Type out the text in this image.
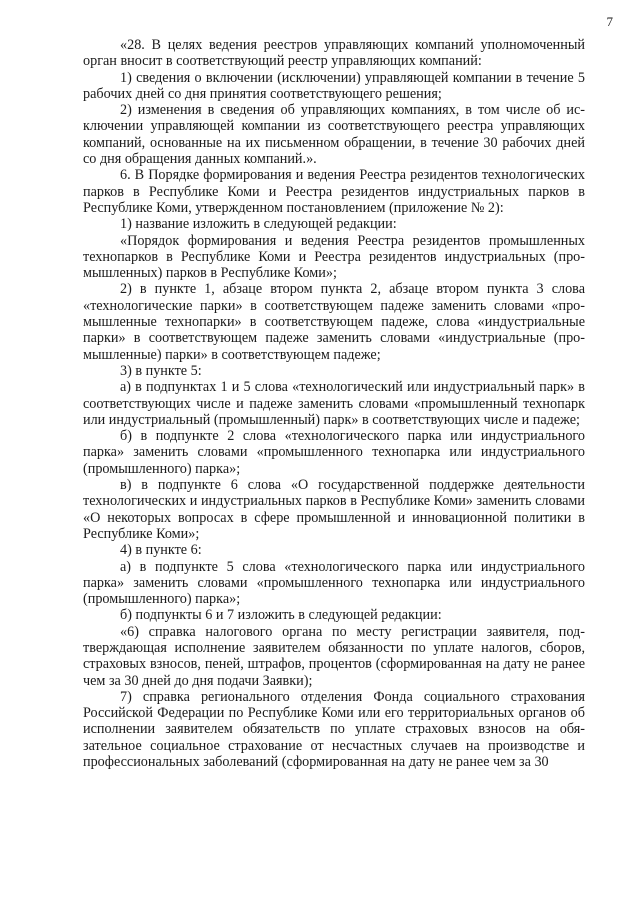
7

«28. В целях ведения реестров управляющих компаний уполномоченный орган вносит в соответствующий реестр управляющих компаний:

1) сведения о включении (исключении) управляющей компании в течение 5 рабочих дней со дня принятия соответствующего решения;

2) изменения в сведения об управляющих компаниях, в том числе об исключении управляющей компании из соответствующего реестра управляющих компаний, основанные на их письменном обращении, в течение 30 рабочих дней со дня обращения данных компаний.».

6. В Порядке формирования и ведения Реестра резидентов технологических парков в Республике Коми и Реестра резидентов индустриальных парков в Республике Коми, утвержденном постановлением (приложение № 2):

1) название изложить в следующей редакции:

«Порядок формирования и ведения Реестра резидентов промышленных технопарков в Республике Коми и Реестра резидентов индустриальных (промышленных) парков в Республике Коми»;

2) в пункте 1, абзаце втором пункта 2, абзаце втором пункта 3 слова «технологические парки» в соответствующем падеже заменить словами «промышленные технопарки» в соответствующем падеже, слова «индустриальные парки» в соответствующем падеже заменить словами «индустриальные (промышленные) парки» в соответствующем падеже;

3) в пункте 5:

а) в подпунктах 1 и 5 слова «технологический или индустриальный парк» в соответствующих числе и падеже заменить словами «промышленный технопарк или индустриальный (промышленный) парк» в соответствующих числе и падеже;

б) в подпункте 2 слова «технологического парка или индустриального парка» заменить словами «промышленного технопарка или индустриального (промышленного) парка»;

в) в подпункте 6 слова «О государственной поддержке деятельности технологических и индустриальных парков в Республике Коми» заменить словами «О некоторых вопросах в сфере промышленной и инновационной политики в Республике Коми»;

4) в пункте 6:

а) в подпункте 5 слова «технологического парка или индустриального парка» заменить словами «промышленного технопарка или индустриального (промышленного) парка»;

б) подпункты 6 и 7 изложить в следующей редакции:

«6) справка налогового органа по месту регистрации заявителя, подтверждающая исполнение заявителем обязанности по уплате налогов, сборов, страховых взносов, пеней, штрафов, процентов (сформированная на дату не ранее чем за 30 дней до дня подачи Заявки);

7) справка регионального отделения Фонда социального страхования Российской Федерации по Республике Коми или его территориальных органов об исполнении заявителем обязательств по уплате страховых взносов на обязательное социальное страхование от несчастных случаев на производстве и профессиональных заболеваний (сформированная на дату не ранее чем за 30
